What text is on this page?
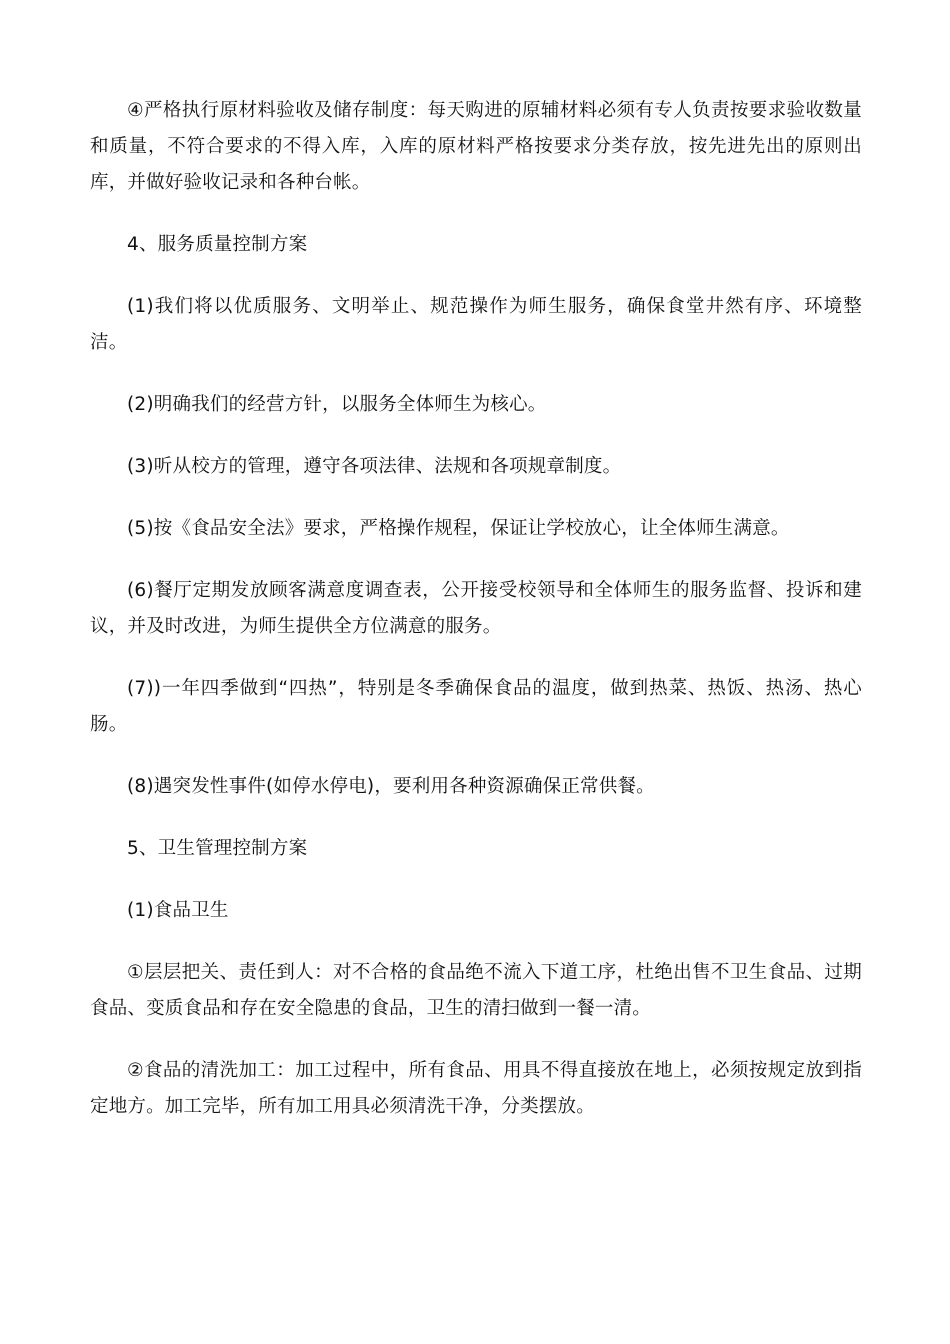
④严格执行原材料验收及储存制度：每天购进的原辅材料必须有专人负责按要求验收数量和质量，不符合要求的不得入库，入库的原材料严格按要求分类存放，按先进先出的原则出库，并做好验收记录和各种台帐。

4、服务质量控制方案

(1)我们将以优质服务、文明举止、规范操作为师生服务，确保食堂井然有序、环境整洁。

(2)明确我们的经营方针，以服务全体师生为核心。

(3)听从校方的管理，遵守各项法律、法规和各项规章制度。

(5)按《食品安全法》要求，严格操作规程，保证让学校放心，让全体师生满意。

(6)餐厅定期发放顾客满意度调查表，公开接受校领导和全体师生的服务监督、投诉和建议，并及时改进，为师生提供全方位满意的服务。

(7))一年四季做到“四热”，特别是冬季确保食品的温度，做到热菜、热饭、热汤、热心肠。

(8)遇突发性事件(如停水停电)，要利用各种资源确保正常供餐。

5、卫生管理控制方案

(1)食品卫生

①层层把关、责任到人：对不合格的食品绝不流入下道工序，杜绝出售不卫生食品、过期食品、变质食品和存在安全隐患的食品，卫生的清扫做到一餐一清。

②食品的清洗加工：加工过程中，所有食品、用具不得直接放在地上，必须按规定放到指定地方。加工完毕，所有加工用具必须清洗干净，分类摆放。
